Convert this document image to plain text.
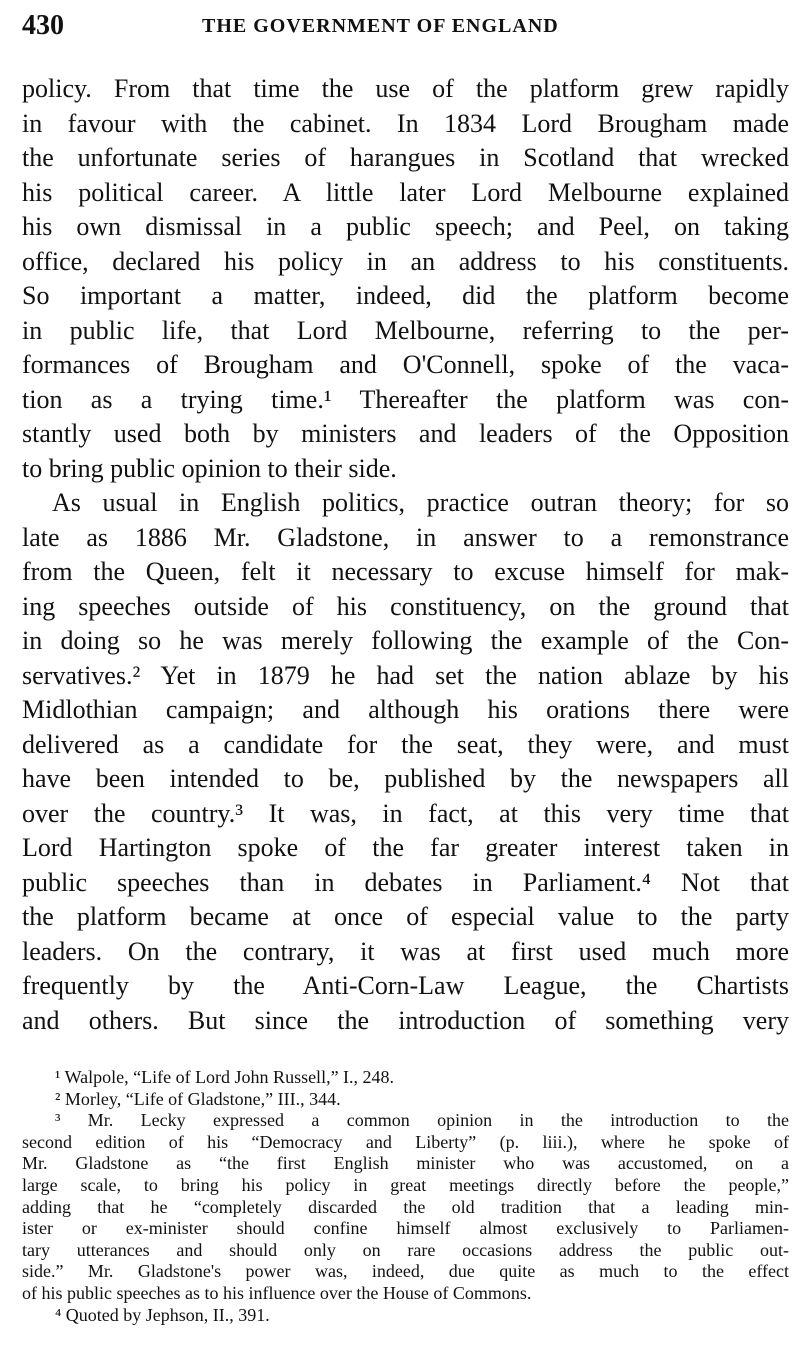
430	THE GOVERNMENT OF ENGLAND
policy. From that time the use of the platform grew rapidly
in favour with the cabinet. In 1834 Lord Brougham made
the unfortunate series of harangues in Scotland that wrecked
his political career. A little later Lord Melbourne explained
his own dismissal in a public speech; and Peel, on taking
office, declared his policy in an address to his constituents.
So important a matter, indeed, did the platform become
in public life, that Lord Melbourne, referring to the per-
formances of Brougham and O'Connell, spoke of the vaca-
tion as a trying time.¹ Thereafter the platform was con-
stantly used both by ministers and leaders of the Opposition
to bring public opinion to their side.
As usual in English politics, practice outran theory; for so
late as 1886 Mr. Gladstone, in answer to a remonstrance
from the Queen, felt it necessary to excuse himself for mak-
ing speeches outside of his constituency, on the ground that
in doing so he was merely following the example of the Con-
servatives.² Yet in 1879 he had set the nation ablaze by his
Midlothian campaign; and although his orations there were
delivered as a candidate for the seat, they were, and must
have been intended to be, published by the newspapers all
over the country.³ It was, in fact, at this very time that
Lord Hartington spoke of the far greater interest taken in
public speeches than in debates in Parliament.⁴ Not that
the platform became at once of especial value to the party
leaders. On the contrary, it was at first used much more
frequently by the Anti-Corn-Law League, the Chartists
and others. But since the introduction of something very
¹ Walpole, “Life of Lord John Russell,” I., 248.
² Morley, “Life of Gladstone,” III., 344.
³ Mr. Lecky expressed a common opinion in the introduction to the
second edition of his “Democracy and Liberty” (p. liii.), where he spoke of
Mr. Gladstone as “the first English minister who was accustomed, on a
large scale, to bring his policy in great meetings directly before the people,”
adding that he “completely discarded the old tradition that a leading min-
ister or ex-minister should confine himself almost exclusively to Parliamen-
tary utterances and should only on rare occasions address the public out-
side.” Mr. Gladstone's power was, indeed, due quite as much to the effect
of his public speeches as to his influence over the House of Commons.
⁴ Quoted by Jephson, II., 391.
